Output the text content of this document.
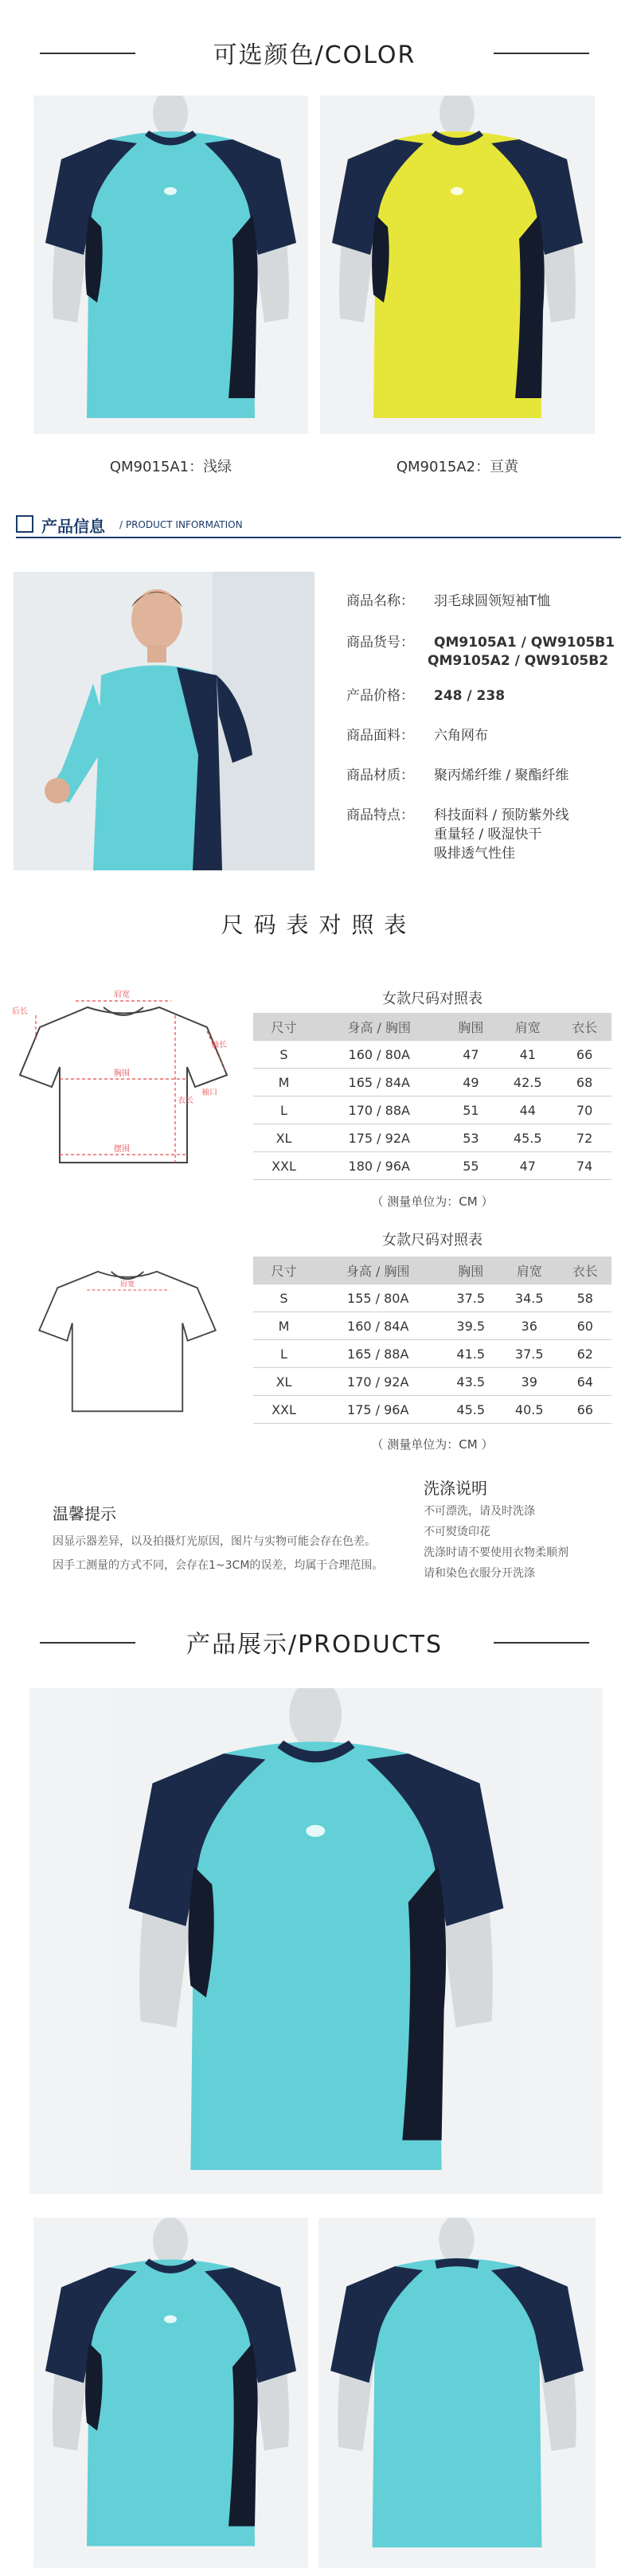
可选颜色/COLOR
QM9015A1：浅绿	QM9015A2：亘黄
产品信息 / PRODUCT INFORMATION
商品名称： 羽毛球圆领短袖T恤
商品货号： QM9105A1 / QW9105B1
QM9105A2 / QW9105B2
产品价格： 248 / 238
商品面料： 六角网布
商品材质： 聚丙烯纤维 / 聚酯纤维
商品特点： 科技面料 / 预防紫外线
重量轻 / 吸湿快干
吸排透气性佳
尺 码 表 对 照 表
肩宽
胸围
摆围
衣长
袖长
后长
袖口
女款尺码对照表
尺寸	身高 / 胸围	胸围	肩宽	衣长
S	160 / 80A	47	41	66
M	165 / 84A	49	42.5	68
L	170 / 88A	51	44	70
XL	175 / 92A	53	45.5	72
XXL	180 / 96A	55	47	74
（ 测量单位为：CM ）
肩宽
女款尺码对照表
尺寸	身高 / 胸围	胸围	肩宽	衣长
S	155 / 80A	37.5	34.5	58
M	160 / 84A	39.5	36	60
L	165 / 88A	41.5	37.5	62
XL	170 / 92A	43.5	39	64
XXL	175 / 96A	45.5	40.5	66
（ 测量单位为：CM ）
温馨提示
因显示器差异，以及拍摄灯光原因，图片与实物可能会存在色差。
因手工测量的方式不同，会存在1~3CM的误差，均属于合理范围。
洗涤说明
不可漂洗，请及时洗涤
不可熨烫印花
洗涤时请不要使用衣物柔顺剂
请和染色衣服分开洗涤
产品展示/PRODUCTS
